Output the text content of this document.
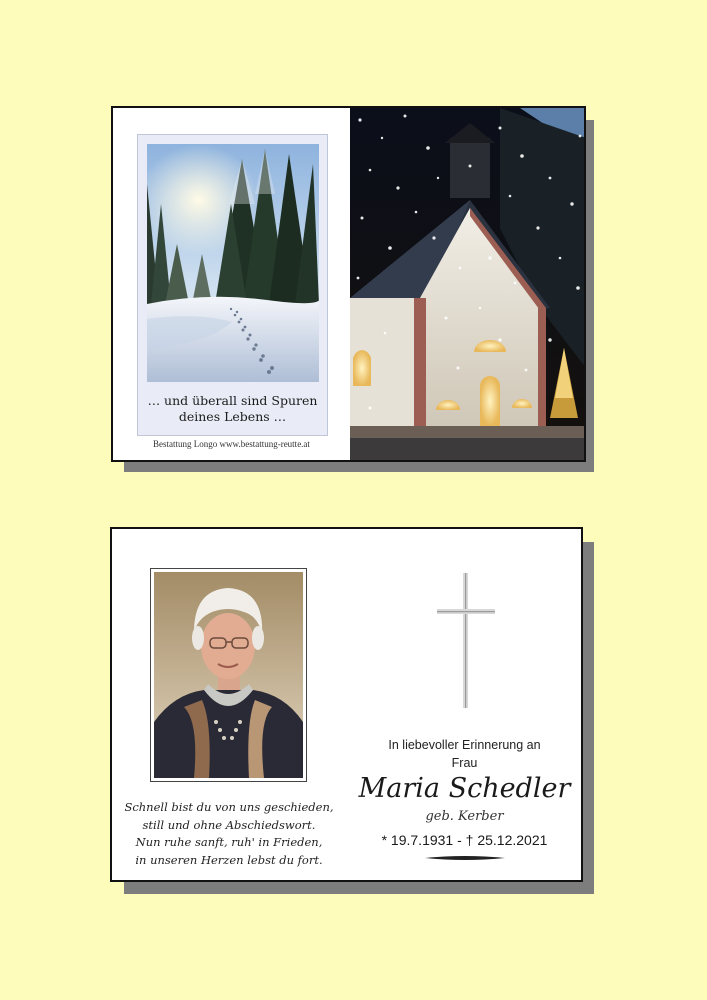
… und überall sind Spuren
deines Lebens …
Bestattung Longo www.bestattung-reutte.at
Schnell bist du von uns geschieden,
still und ohne Abschiedswort.
Nun ruhe sanft, ruh' in Frieden,
in unseren Herzen lebst du fort.
In liebevoller Erinnerung an
Frau
Maria Schedler
geb. Kerber
* 19.7.1931 - † 25.12.2021
